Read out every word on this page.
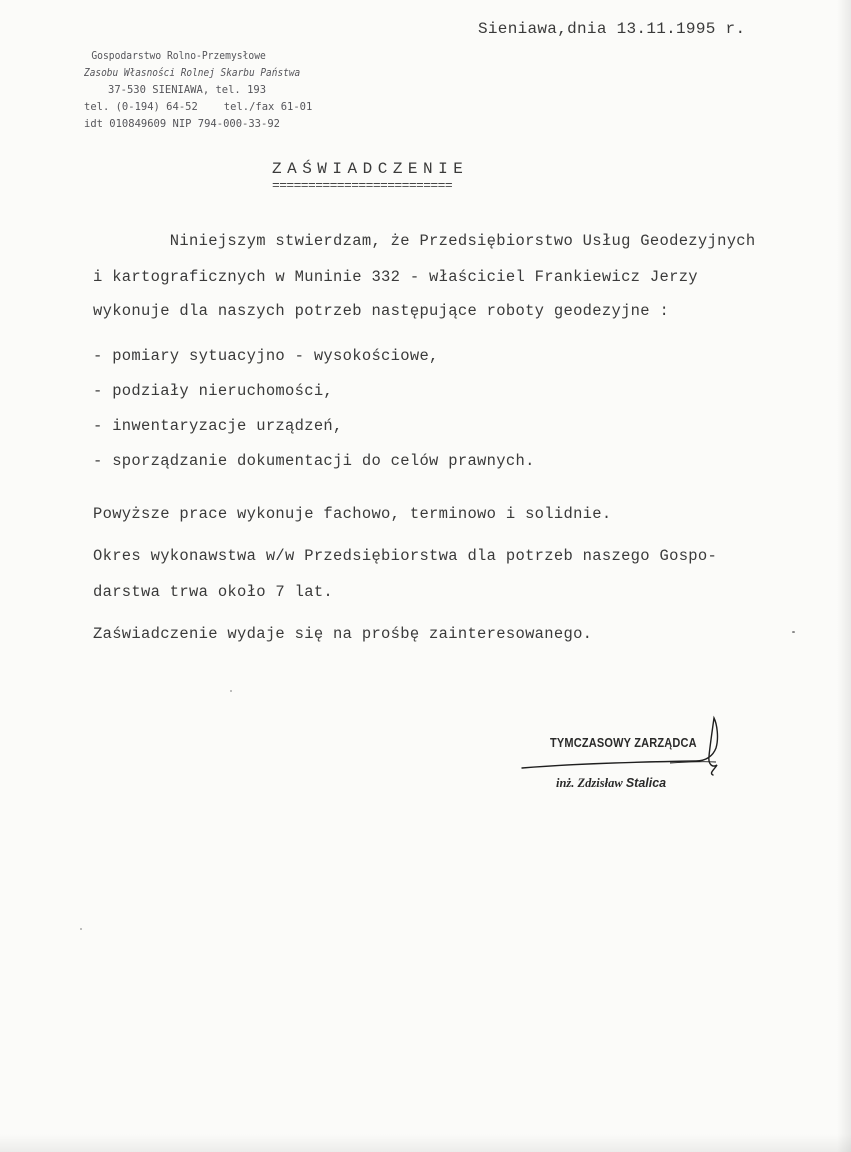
Sieniawa,dnia 13.11.1995 r.
Gospodarstwo Rolno-Przemysłowe
Zasobu Własności Rolnej Skarbu Państwa
37-530 SIENIAWA, tel. 193
tel. (0-194) 64-52 tel./fax 61-01
idt 010849609 NIP 794-000-33-92
ZAŚWIADCZENIE
=========================
Niniejszym stwierdzam, że Przedsiębiorstwo Usług Geodezyjnych
i kartograficznych w Muninie 332 - właściciel Frankiewicz Jerzy
wykonuje dla naszych potrzeb następujące roboty geodezyjne :
- pomiary sytuacyjno - wysokościowe,
- podziały nieruchomości,
- inwentaryzacje urządzeń,
- sporządzanie dokumentacji do celów prawnych.
Powyższe prace wykonuje fachowo, terminowo i solidnie.
Okres wykonawstwa w/w Przedsiębiorstwa dla potrzeb naszego Gospo-
darstwa trwa około 7 lat.
Zaświadczenie wydaje się na prośbę zainteresowanego.
TYMCZASOWY ZARZĄDCA
inż. Zdzisław Stalica
